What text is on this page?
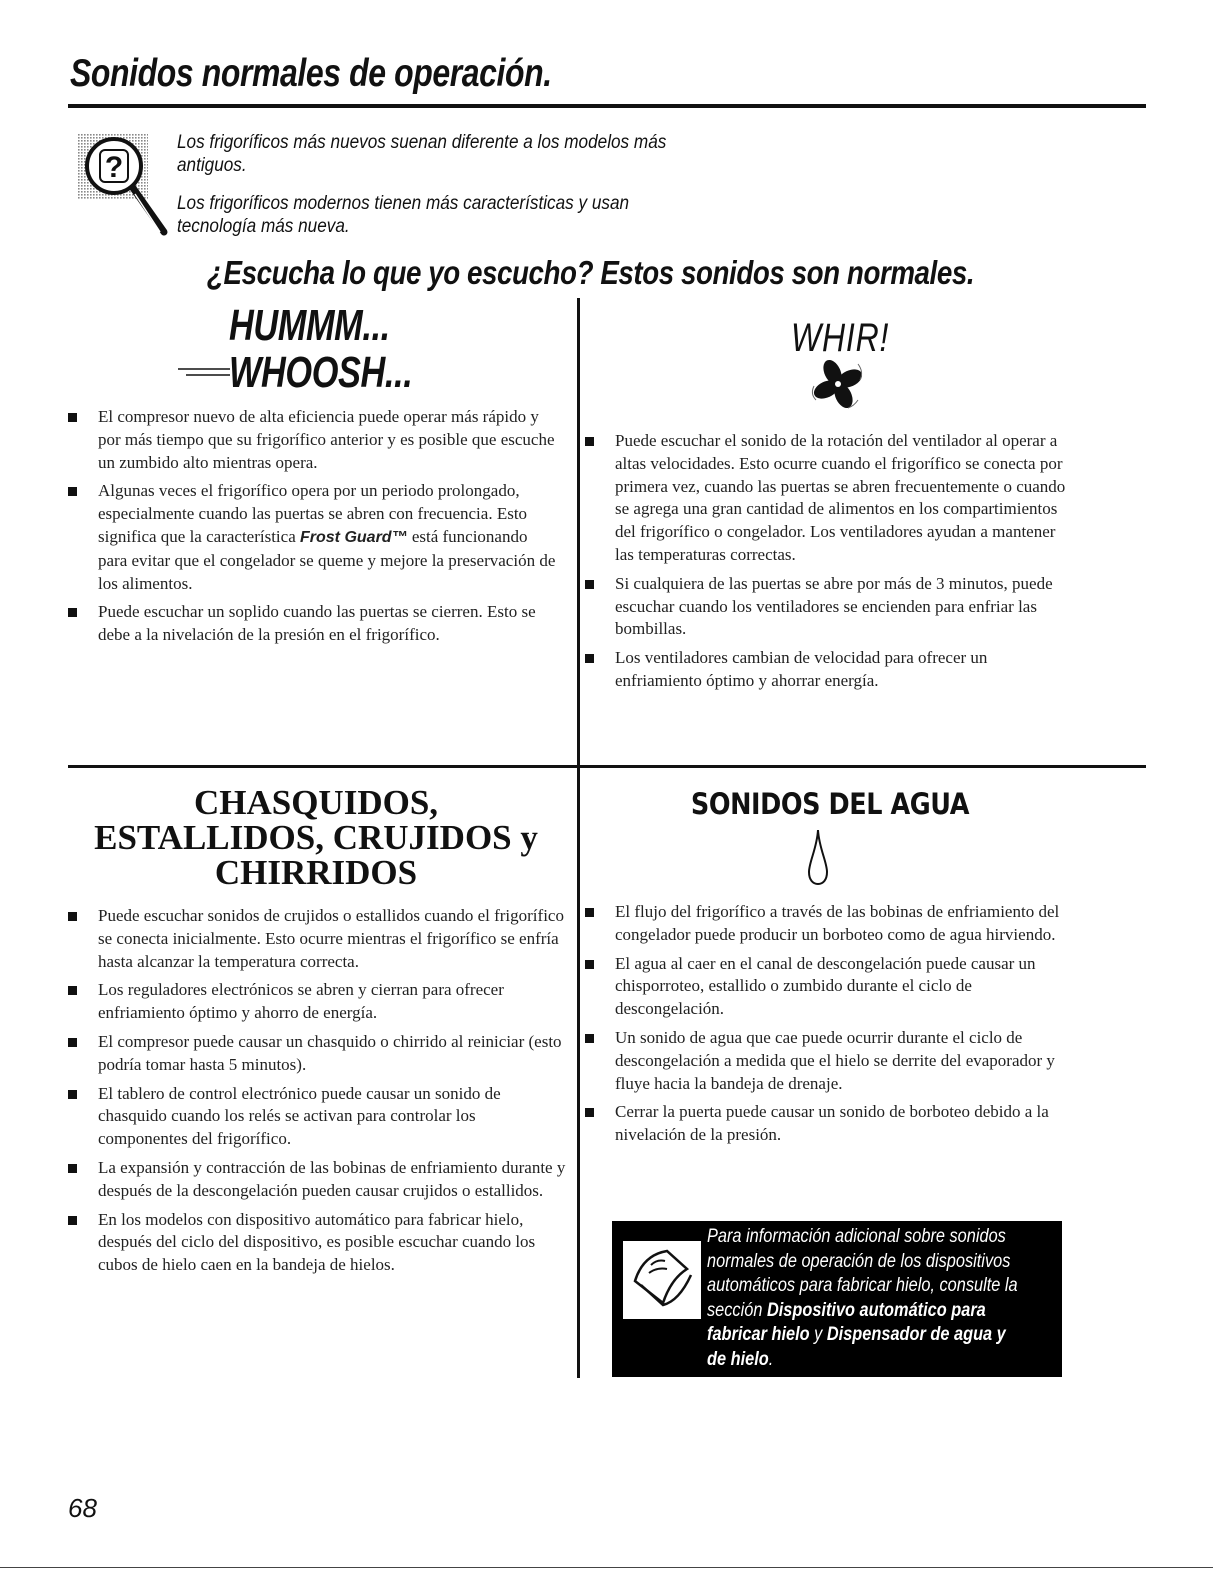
Sonidos normales de operación.
?
Los frigoríficos más nuevos suenan diferente a los modelos más antiguos.
Los frigoríficos modernos tienen más características y usan tecnología más nueva.
¿Escucha lo que yo escucho? Estos sonidos son normales.
HUMMM...
WHOOSH...
El compresor nuevo de alta eficiencia puede operar más rápido y por más tiempo que su frigorífico anterior y es posible que escuche un zumbido alto mientras opera.
Algunas veces el frigorífico opera por un periodo prolongado, especialmente cuando las puertas se abren con frecuencia. Esto significa que la característica Frost Guard™ está funcionando para evitar que el congelador se queme y mejore la preservación de los alimentos.
Puede escuchar un soplido cuando las puertas se cierren. Esto se debe a la nivelación de la presión en el frigorífico.
WHIR!
Puede escuchar el sonido de la rotación del ventilador al operar a altas velocidades. Esto ocurre cuando el frigorífico se conecta por primera vez, cuando las puertas se abren frecuentemente o cuando se agrega una gran cantidad de alimentos en los compartimientos del frigorífico o congelador. Los ventiladores ayudan a mantener las temperaturas correctas.
Si cualquiera de las puertas se abre por más de 3 minutos, puede escuchar cuando los ventiladores se encienden para enfriar las bombillas.
Los ventiladores cambian de velocidad para ofrecer un enfriamiento óptimo y ahorrar energía.
CHASQUIDOS,
ESTALLIDOS, CRUJIDOS y
CHIRRIDOS
Puede escuchar sonidos de crujidos o estallidos cuando el frigorífico se conecta inicialmente. Esto ocurre mientras el frigorífico se enfría hasta alcanzar la temperatura correcta.
Los reguladores electrónicos se abren y cierran para ofrecer enfriamiento óptimo y ahorro de energía.
El compresor puede causar un chasquido o chirrido al reiniciar (esto podría tomar hasta 5 minutos).
El tablero de control electrónico puede causar un sonido de chasquido cuando los relés se activan para controlar los componentes del frigorífico.
La expansión y contracción de las bobinas de enfriamiento durante y después de la descongelación pueden causar crujidos o estallidos.
En los modelos con dispositivo automático para fabricar hielo, después del ciclo del dispositivo, es posible escuchar cuando los cubos de hielo caen en la bandeja de hielos.
SONIDOS DEL AGUA
El flujo del frigorífico a través de las bobinas de enfriamiento del congelador puede producir un borboteo como de agua hirviendo.
El agua al caer en el canal de descongelación puede causar un chisporroteo, estallido o zumbido durante el ciclo de descongelación.
Un sonido de agua que cae puede ocurrir durante el ciclo de descongelación a medida que el hielo se derrite del evaporador y fluye hacia la bandeja de drenaje.
Cerrar la puerta puede causar un sonido de borboteo debido a la nivelación de la presión.
Para información adicional sobre sonidos normales de operación de los dispositivos automáticos para fabricar hielo, consulte la sección Dispositivo automático para fabricar hielo y Dispensador de agua y de hielo.
68
